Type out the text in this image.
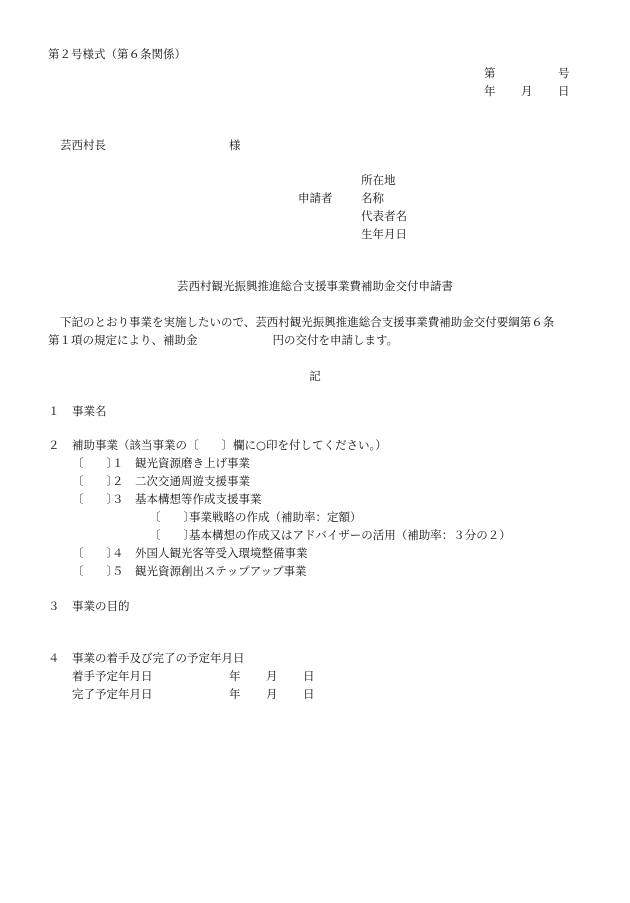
第２号様式（第６条関係）
第	号
年 月 日
芸西村長	様
申請者
所在地
名称
代表者名
生年月日
芸西村観光振興推進総合支援事業費補助金交付申請書
下記のとおり事業を実施したいので、芸西村観光振興推進総合支援事業費補助金交付要綱第６条
第１項の規定により、補助金	円の交付を申請します。
記
１ 事業名
２ 補助事業（該当事業の〔　　〕欄に○印を付してください。）
〔　　〕１　観光資源磨き上げ事業
〔　　〕２　二次交通周遊支援事業
〔　　〕３　基本構想等作成支援事業
〔　　〕事業戦略の作成（補助率：定額）
〔　　〕基本構想の作成又はアドバイザーの活用（補助率：３分の２）
〔　　〕４　外国人観光客等受入環境整備事業
〔　　〕５　観光資源創出ステップアップ事業
３ 事業の目的
４ 事業の着手及び完了の予定年月日
着手予定年月日	年 月 日
完了予定年月日	年 月 日
